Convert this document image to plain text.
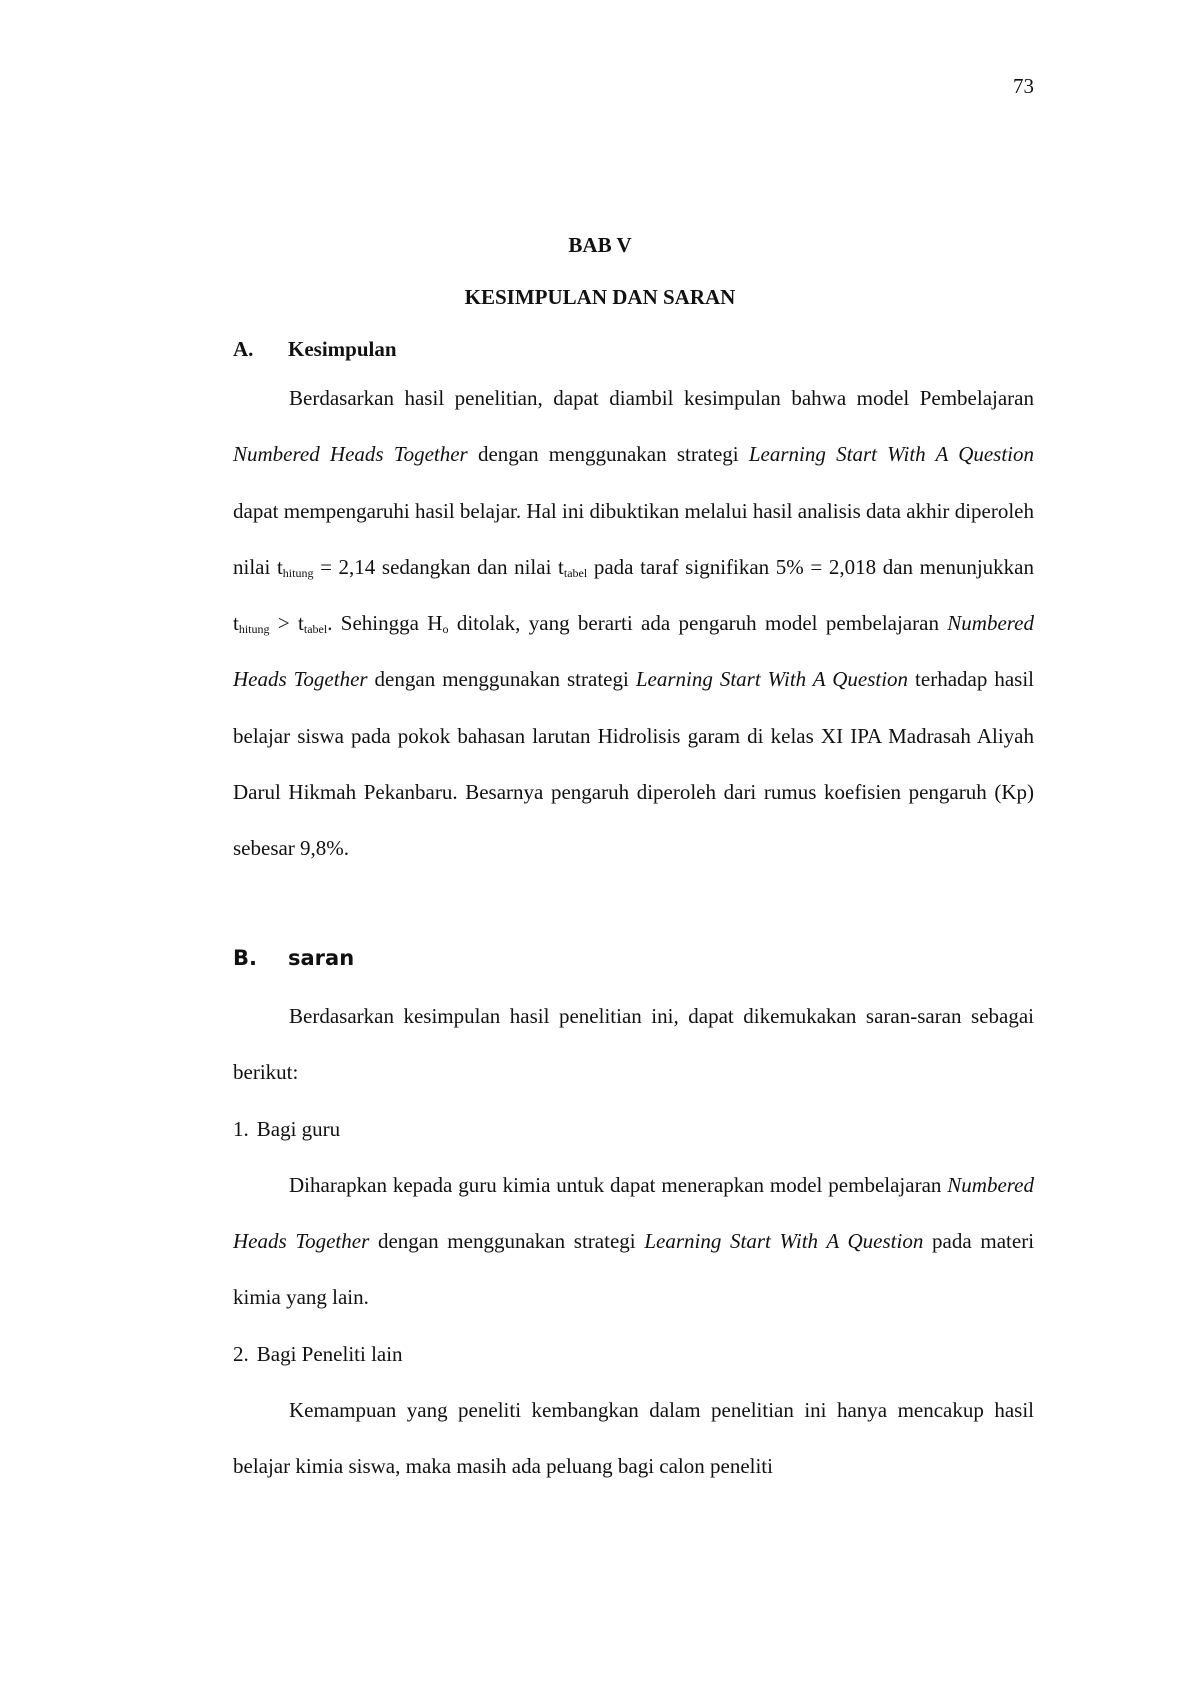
73
BAB V
KESIMPULAN DAN SARAN
A. Kesimpulan

Berdasarkan hasil penelitian, dapat diambil kesimpulan bahwa model Pembelajaran Numbered Heads Together dengan menggunakan strategi Learning Start With A Question dapat mempengaruhi hasil belajar. Hal ini dibuktikan melalui hasil analisis data akhir diperoleh nilai $t_{hitung} = 2,14$ sedangkan dan nilai $t_{tabel}$ pada taraf signifikan 5% = 2,018 dan menunjukkan $t_{hitung} > t_{tabel}$. Sehingga $H_o$ ditolak, yang berarti ada pengaruh model pembelajaran Numbered Heads Together dengan menggunakan strategi Learning Start With A Question terhadap hasil belajar siswa pada pokok bahasan larutan Hidrolisis garam di kelas XI IPA Madrasah Aliyah Darul Hikmah Pekanbaru. Besarnya pengaruh diperoleh dari rumus koefisien pengaruh (Kp) sebesar 9,8%.

B. saran

Berdasarkan kesimpulan hasil penelitian ini, dapat dikemukakan saran-saran sebagai berikut:

1. Bagi guru

Diharapkan kepada guru kimia untuk dapat menerapkan model pembelajaran Numbered Heads Together dengan menggunakan strategi Learning Start With A Question pada materi kimia yang lain.

2. Bagi Peneliti lain

Kemampuan yang peneliti kembangkan dalam penelitian ini hanya mencakup hasil belajar kimia siswa, maka masih ada peluang bagi calon peneliti
